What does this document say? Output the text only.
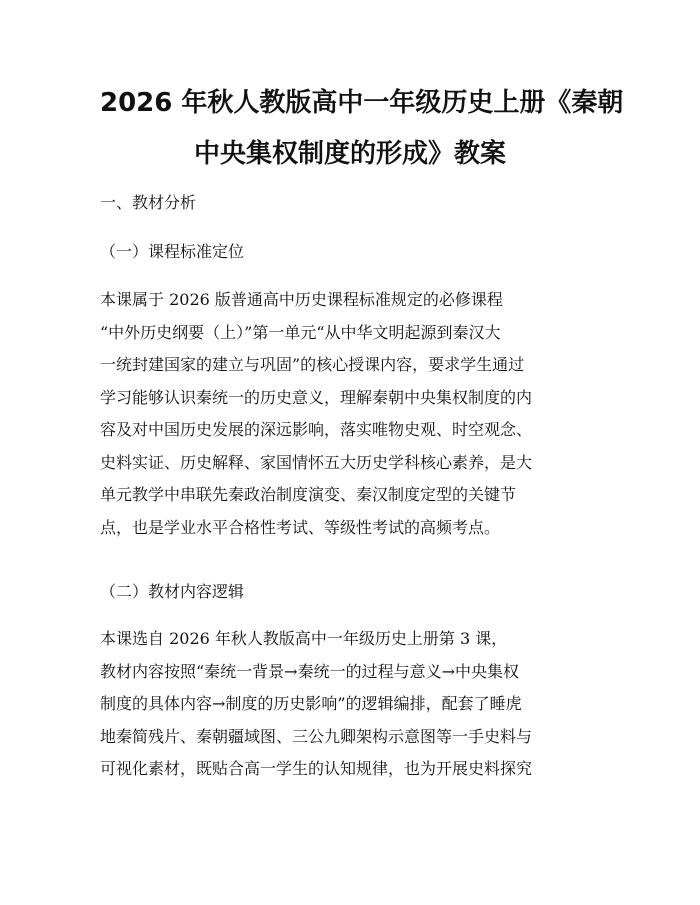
2026 年秋人教版高中一年级历史上册《秦朝
中央集权制度的形成》教案

一、教材分析

（一）课程标准定位

本课属于 2026 版普通高中历史课程标准规定的必修课程
“中外历史纲要（上）”第一单元“从中华文明起源到秦汉大
一统封建国家的建立与巩固”的核心授课内容，要求学生通过
学习能够认识秦统一的历史意义，理解秦朝中央集权制度的内
容及对中国历史发展的深远影响，落实唯物史观、时空观念、
史料实证、历史解释、家国情怀五大历史学科核心素养，是大
单元教学中串联先秦政治制度演变、秦汉制度定型的关键节
点，也是学业水平合格性考试、等级性考试的高频考点。

（二）教材内容逻辑

本课选自 2026 年秋人教版高中一年级历史上册第 3 课，
教材内容按照“秦统一背景→秦统一的过程与意义→中央集权
制度的具体内容→制度的历史影响”的逻辑编排，配套了睡虎
地秦简残片、秦朝疆域图、三公九卿架构示意图等一手史料与
可视化素材，既贴合高一学生的认知规律，也为开展史料探究
